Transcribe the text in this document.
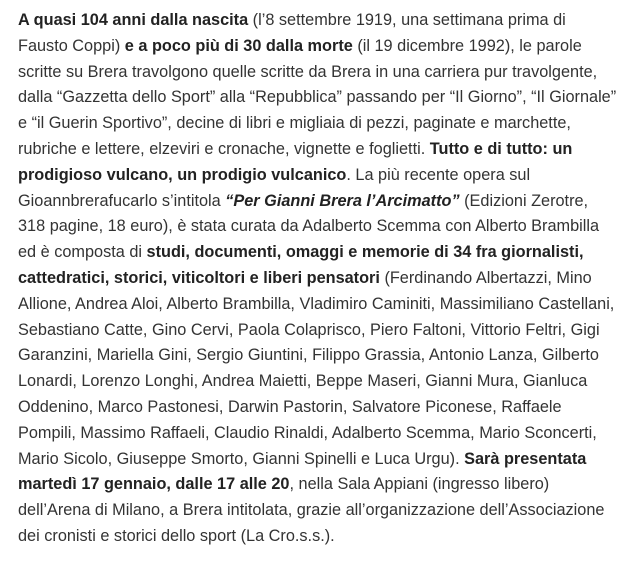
A quasi 104 anni dalla nascita (l’8 settembre 1919, una settimana prima di Fausto Coppi) e a poco più di 30 dalla morte (il 19 dicembre 1992), le parole scritte su Brera travolgono quelle scritte da Brera in una carriera pur travolgente, dalla “Gazzetta dello Sport” alla “Repubblica” passando per “Il Giorno”, “Il Giornale” e “il Guerin Sportivo”, decine di libri e migliaia di pezzi, paginate e marchette, rubriche e lettere, elzeviri e cronache, vignette e foglietti. Tutto e di tutto: un prodigioso vulcano, un prodigio vulcanico. La più recente opera sul Gioannbrerafucarlo s’intitola “Per Gianni Brera l’Arcimatto” (Edizioni Zerotre, 318 pagine, 18 euro), è stata curata da Adalberto Scemma con Alberto Brambilla ed è composta di studi, documenti, omaggi e memorie di 34 fra giornalisti, cattedratici, storici, viticoltori e liberi pensatori (Ferdinando Albertazzi, Mino Allione, Andrea Aloi, Alberto Brambilla, Vladimiro Caminiti, Massimiliano Castellani, Sebastiano Catte, Gino Cervi, Paola Colaprisco, Piero Faltoni, Vittorio Feltri, Gigi Garanzini, Mariella Gini, Sergio Giuntini, Filippo Grassia, Antonio Lanza, Gilberto Lonardi, Lorenzo Longhi, Andrea Maietti, Beppe Maseri, Gianni Mura, Gianluca Oddenino, Marco Pastonesi, Darwin Pastorin, Salvatore Piconese, Raffaele Pompili, Massimo Raffaeli, Claudio Rinaldi, Adalberto Scemma, Mario Sconcerti, Mario Sicolo, Giuseppe Smorto, Gianni Spinelli e Luca Urgu). Sarà presentata martedì 17 gennaio, dalle 17 alle 20, nella Sala Appiani (ingresso libero) dell’Arena di Milano, a Brera intitolata, grazie all’organizzazione dell’Associazione dei cronisti e storici dello sport (La Cro.s.s.).
